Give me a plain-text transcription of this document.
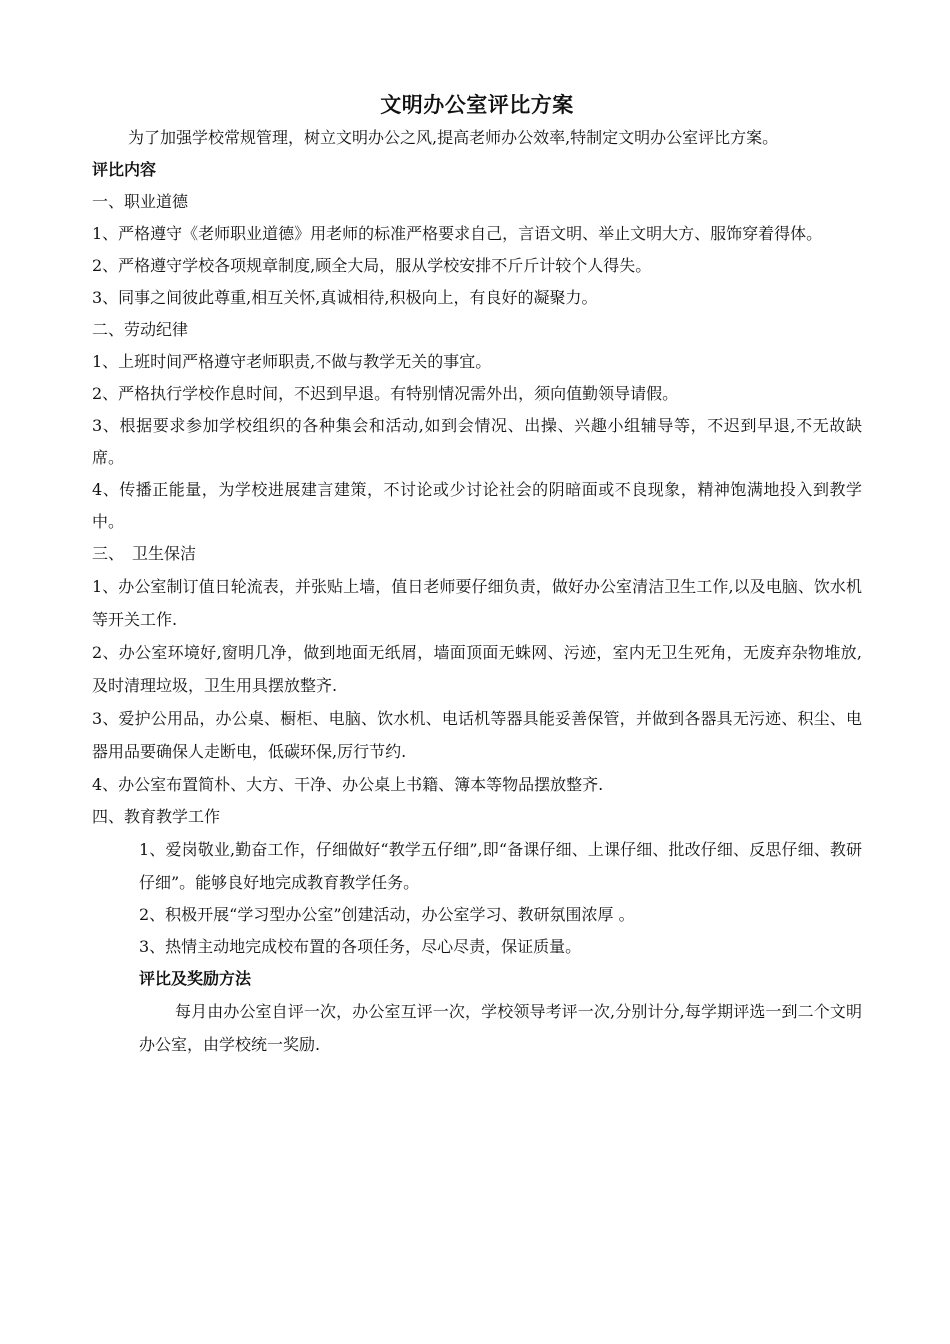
文明办公室评比方案

为了加强学校常规管理，树立文明办公之风,提高老师办公效率,特制定文明办公室评比方案。

评比内容

一、职业道德

1、严格遵守《老师职业道德》用老师的标准严格要求自己，言语文明、举止文明大方、服饰穿着得体。

2、严格遵守学校各项规章制度,顾全大局，服从学校安排不斤斤计较个人得失。

3、同事之间彼此尊重,相互关怀,真诚相待,积极向上，有良好的凝聚力。

二、劳动纪律

1、上班时间严格遵守老师职责,不做与教学无关的事宜。

2、严格执行学校作息时间，不迟到早退。有特别情况需外出，须向值勤领导请假。

3、根据要求参加学校组织的各种集会和活动,如到会情况、出操、兴趣小组辅导等，不迟到早退,不无故缺席。

4、传播正能量，为学校进展建言建策，不讨论或少讨论社会的阴暗面或不良现象，精神饱满地投入到教学中。

三、　卫生保洁

1、办公室制订值日轮流表，并张贴上墙，值日老师要仔细负责，做好办公室清洁卫生工作,以及电脑、饮水机等开关工作.

2、办公室环境好,窗明几净，做到地面无纸屑，墙面顶面无蛛网、污迹，室内无卫生死角，无废弃杂物堆放,及时清理垃圾，卫生用具摆放整齐.

3、爱护公用品，办公桌、橱柜、电脑、饮水机、电话机等器具能妥善保管，并做到各器具无污迹、积尘、电器用品要确保人走断电，低碳环保,厉行节约.

4、办公室布置简朴、大方、干净、办公桌上书籍、簿本等物品摆放整齐.

四、教育教学工作

1、爱岗敬业,勤奋工作，仔细做好“教学五仔细”,即“备课仔细、上课仔细、批改仔细、反思仔细、教研仔细”。能够良好地完成教育教学任务。

2、积极开展“学习型办公室”创建活动，办公室学习、教研氛围浓厚 。

3、热情主动地完成校布置的各项任务，尽心尽责，保证质量。

评比及奖励方法

每月由办公室自评一次，办公室互评一次，学校领导考评一次,分别计分,每学期评选一到二个文明办公室，由学校统一奖励.
